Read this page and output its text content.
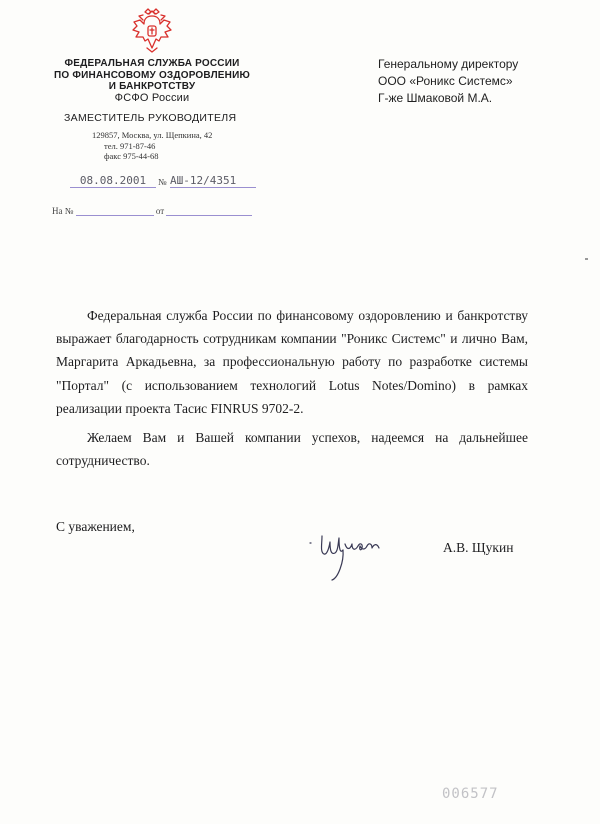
ФЕДЕРАЛЬНАЯ СЛУЖБА РОССИИ
ПО ФИНАНСОВОМУ ОЗДОРОВЛЕНИЮ
И БАНКРОТСТВУ
ФСФО России
ЗАМЕСТИТЕЛЬ РУКОВОДИТЕЛЯ
129857, Москва, ул. Щепкина, 42
тел. 971-87-46
факс 975-44-68
08.08.2001	№ АШ-12/4351
На №	от
Генеральному директору
ООО «Роникс Системс»
Г-же Шмаковой М.А.

Федеральная служба России по финансовому оздоровлению и банкротству выражает благодарность сотрудникам компании "Роникс Системс" и лично Вам, Маргарита Аркадьевна, за профессиональную работу по разработке системы "Портал" (с использованием технологий Lotus Notes/Domino) в рамках реализации проекта Тасис FINRUS 9702-2.

Желаем Вам и Вашей компании успехов, надеемся на дальнейшее сотрудничество.

С уважением,
А.В. Щукин
006577
